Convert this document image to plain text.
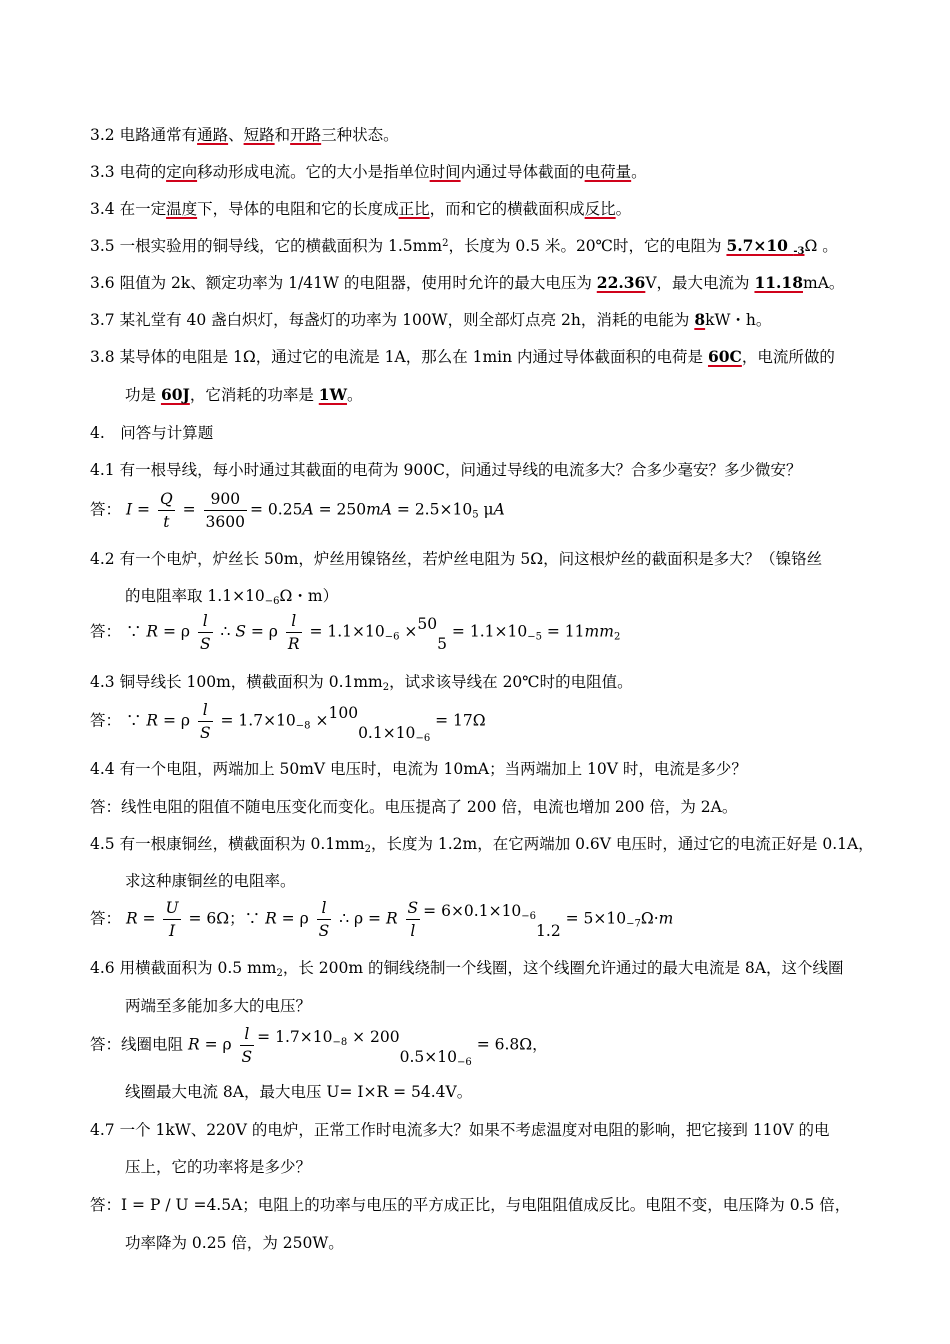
3.2 电路通常有通路、短路和开路三种状态。
3.3 电荷的定向移动形成电流。它的大小是指单位时间内通过导体截面的电荷量。
3.4 在一定温度下，导体的电阻和它的长度成正比，而和它的横截面积成反比。
3.5 一根实验用的铜导线，它的横截面积为 $1.5mm^2$，长度为 0.5 米。20℃时，它的电阻为 5.7×10 $_{-3}$Ω 。
3.6 阻值为 2k、额定功率为 1/41W 的电阻器，使用时允许的最大电压为 22.36V，最大电流为 11.18mA。
3.7 某礼堂有 40 盏白炽灯，每盏灯的功率为 100W，则全部灯点亮 2h，消耗的电能为 8kW・h。
3.8 某导体的电阻是 1Ω，通过它的电流是 1A，那么在 1min 内通过导体截面积的电荷是 60C，电流所做的
功是 60J，它消耗的功率是 1W。
4.　问答与计算题
4.1 有一根导线，每小时通过其截面的电荷为 900C，问通过导线的电流多大？合多少毫安？多少微安？
答： $I = \frac{Q}{t} = \frac{900}{3600} = 0.25A = 250mA = 2.5\times 10_5$ μA
4.2 有一个电炉，炉丝长 50m，炉丝用镍铬丝，若炉丝电阻为 5Ω，问这根炉丝的截面积是多大？（镍铬丝
的电阻率取 $1.1\times 10_{-6}\Omega$・m）
答： ∵ R = ρ $\frac{l}{S}$ ∴ S = ρ $\frac{l}{R} = 1.1\times 10_{-6} \times 505 = 1.1\times 10_{-5} = 11mm_2$
4.3 铜导线长 100m，横截面积为 $0.1mm_2$，试求该导线在 20℃时的电阻值。
答： ∵ R = ρ $\frac{l}{S} = 1.7\times 10_{-8} \times 1000.1\times 10_{-6} = 17\Omega$
4.4 有一个电阻，两端加上 50mV 电压时，电流为 10mA；当两端加上 10V 时，电流是多少？
答：线性电阻的阻值不随电压变化而变化。电压提高了 200 倍，电流也增加 200 倍，为 2A。
4.5 有一根康铜丝，横截面积为 $0.1mm_2$，长度为 1.2m，在它两端加 0.6V 电压时，通过它的电流正好是 0.1A，
求这种康铜丝的电阻率。
答： $R = \frac{U}{I} = 6\Omega$；∵ R = ρ $\frac{l}{S}$ ∴ ρ = R $\frac{S}{l} = 6\times 0.1\times 10_{-6}1.2 = 5\times 10_{-7}\Omega\cdot m$
4.6 用横截面积为 0.5 $mm_2$，长 200m 的铜线绕制一个线圈，这个线圈允许通过的最大电流是 8A，这个线圈
两端至多能加多大的电压？
答：线圈电阻 R = ρ $\frac{l}{S} = 1.7\times 10_{-8} \times 2000.5\times 10_{-6} = 6.8\Omega$，
线圈最大电流 8A，最大电压 U= I×R = 54.4V。
4.7 一个 1kW、220V 的电炉，正常工作时电流多大？如果不考虑温度对电阻的影响，把它接到 110V 的电
压上，它的功率将是多少？
答：I = P / U =4.5A；电阻上的功率与电压的平方成正比，与电阻阻值成反比。电阻不变，电压降为 0.5 倍，
功率降为 0.25 倍，为 250W。
